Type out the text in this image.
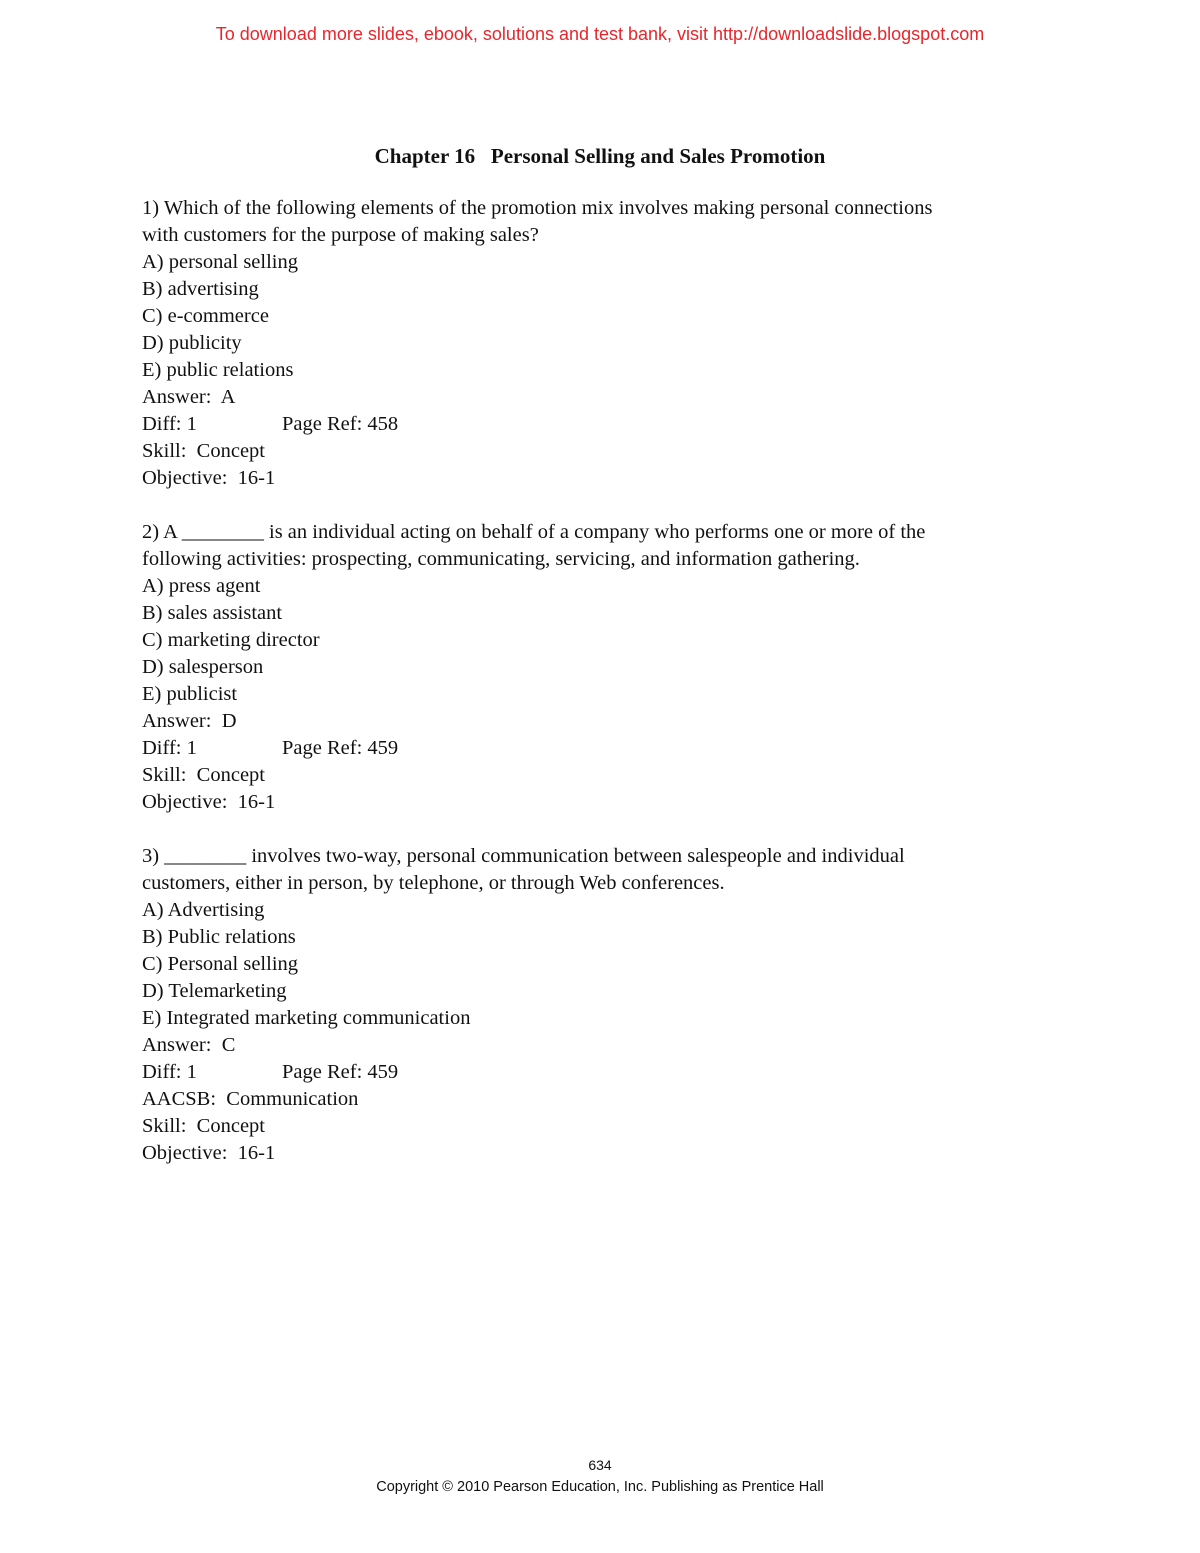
To download more slides, ebook, solutions and test bank, visit http://downloadslide.blogspot.com
Chapter 16   Personal Selling and Sales Promotion
1) Which of the following elements of the promotion mix involves making personal connections
with customers for the purpose of making sales?
A) personal selling
B) advertising
C) e-commerce
D) publicity
E) public relations
Answer:  A
Diff: 1	Page Ref: 458
Skill:  Concept
Objective:  16-1
2) A ________ is an individual acting on behalf of a company who performs one or more of the
following activities: prospecting, communicating, servicing, and information gathering.
A) press agent
B) sales assistant
C) marketing director
D) salesperson
E) publicist
Answer:  D
Diff: 1	Page Ref: 459
Skill:  Concept
Objective:  16-1
3) ________ involves two-way, personal communication between salespeople and individual
customers, either in person, by telephone, or through Web conferences.
A) Advertising
B) Public relations
C) Personal selling
D) Telemarketing
E) Integrated marketing communication
Answer:  C
Diff: 1	Page Ref: 459
AACSB:  Communication
Skill:  Concept
Objective:  16-1
634
Copyright © 2010 Pearson Education, Inc. Publishing as Prentice Hall
